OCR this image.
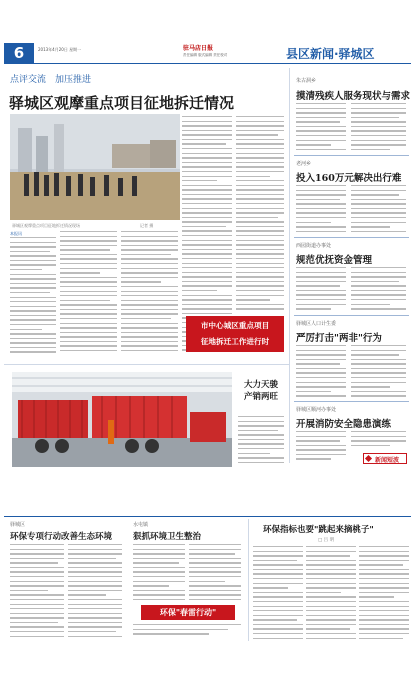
6	2013年4月20日 星期一	驻马店日报
责任编辑 版式编辑 责任校对	县区新闻·驿城区
点评交流　加压推进
驿城区观摩重点项目征地拆迁情况
驿城区观摩重点项目征地拆迁情况现场	记者 摄
本报讯
市中心城区重点项目
征地拆迁工作进行时
朱古洞乡
摸清残疾人服务现状与需求
老河乡
投入160万元解决出行难
西园街道办事处
规范优抚资金管理
驿城区人口计生委
严厉打击"两非"行为
驿城区顺河办事处
开展消防安全隐患演练
新闻短波
大力天骏
产销两旺
驿城区
环保专项行动改善生态环境
水屯镇
狠抓环境卫生整治
环保"春雷行动"
环保指标也要"跳起来摘桃子"
□ 吕 明
